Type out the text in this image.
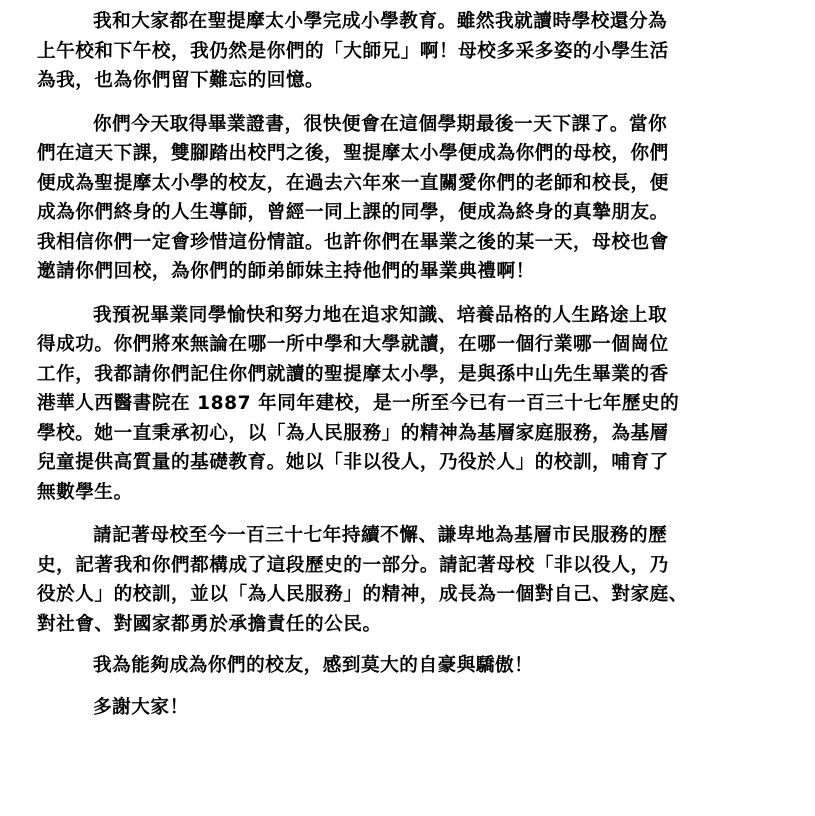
我和大家都在聖提摩太小學完成小學教育。雖然我就讀時學校還分為
上午校和下午校，我仍然是你們的「大師兄」啊！母校多采多姿的小學生活
為我，也為你們留下難忘的回憶。

你們今天取得畢業證書，很快便會在這個學期最後一天下課了。當你
們在這天下課，雙腳踏出校門之後，聖提摩太小學便成為你們的母校，你們
便成為聖提摩太小學的校友，在過去六年來一直關愛你們的老師和校長，便
成為你們終身的人生導師，曾經一同上課的同學，便成為終身的真摯朋友。
我相信你們一定會珍惜這份情誼。也許你們在畢業之後的某一天，母校也會
邀請你們回校，為你們的師弟師妹主持他們的畢業典禮啊！

我預祝畢業同學愉快和努力地在追求知識、培養品格的人生路途上取
得成功。你們將來無論在哪一所中學和大學就讀，在哪一個行業哪一個崗位
工作，我都請你們記住你們就讀的聖提摩太小學，是與孫中山先生畢業的香
港華人西醫書院在 1887 年同年建校，是一所至今已有一百三十七年歷史的
學校。她一直秉承初心，以「為人民服務」的精神為基層家庭服務，為基層
兒童提供高質量的基礎教育。她以「非以役人，乃役於人」的校訓，哺育了
無數學生。

請記著母校至今一百三十七年持續不懈、謙卑地為基層市民服務的歷
史，記著我和你們都構成了這段歷史的一部分。請記著母校「非以役人，乃
役於人」的校訓，並以「為人民服務」的精神，成長為一個對自己、對家庭、
對社會、對國家都勇於承擔責任的公民。

我為能夠成為你們的校友，感到莫大的自豪與驕傲！

多謝大家！
